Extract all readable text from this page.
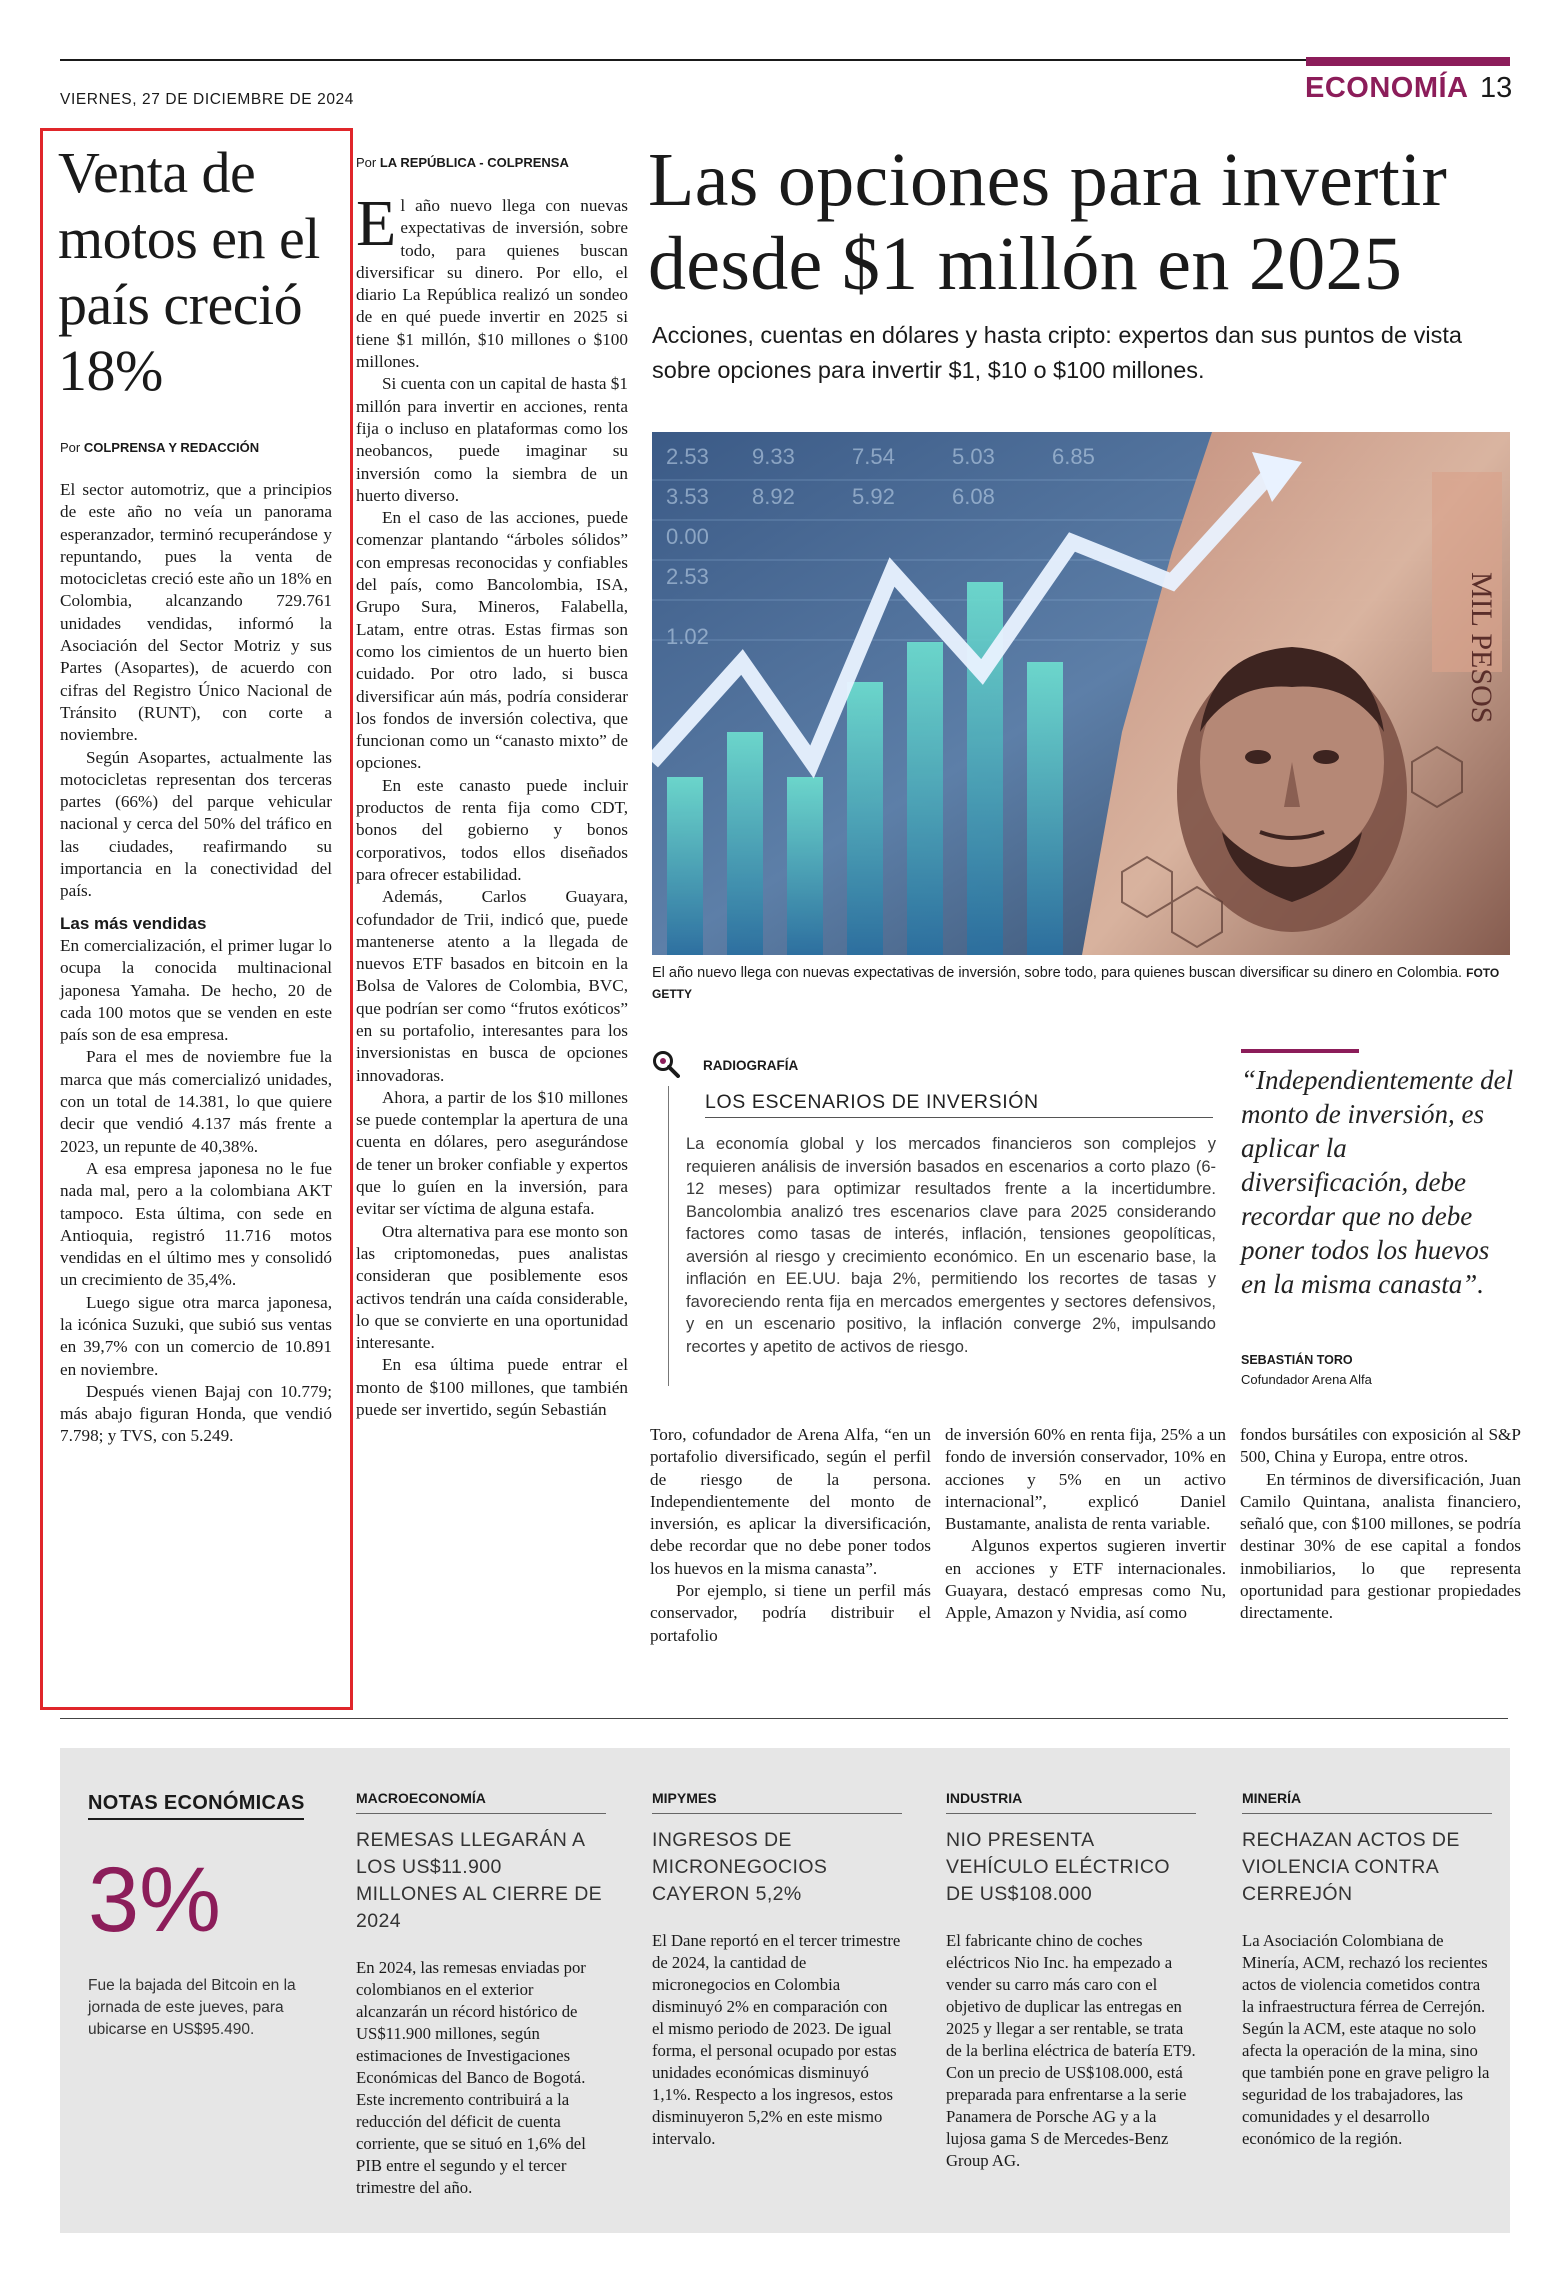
VIERNES, 27 DE DICIEMBRE DE 2024	ECONOMÍA 13
Venta de motos en el país creció 18%
Por COLPRENSA Y REDACCIÓN

El sector automotriz, que a principios de este año no veía un panorama esperanzador, terminó recuperándose y repuntando, pues la venta de motocicletas creció este año un 18% en Colombia, alcanzando 729.761 unidades vendidas, informó la Asociación del Sector Motriz y sus Partes (Asopartes), de acuerdo con cifras del Registro Único Nacional de Tránsito (RUNT), con corte a noviembre.

Según Asopartes, actualmente las motocicletas representan dos terceras partes (66%) del parque vehicular nacional y cerca del 50% del tráfico en las ciudades, reafirmando su importancia en la conectividad del país.

Las más vendidas

En comercialización, el primer lugar lo ocupa la conocida multinacional japonesa Yamaha. De hecho, 20 de cada 100 motos que se venden en este país son de esa empresa.

Para el mes de noviembre fue la marca que más comercializó unidades, con un total de 14.381, lo que quiere decir que vendió 4.137 más frente a 2023, un repunte de 40,38%.

A esa empresa japonesa no le fue nada mal, pero a la colombiana AKT tampoco. Esta última, con sede en Antioquia, registró 11.716 motos vendidas en el último mes y consolidó un crecimiento de 35,4%.

Luego sigue otra marca japonesa, la icónica Suzuki, que subió sus ventas en 39,7% con un comercio de 10.891 en noviembre.

Después vienen Bajaj con 10.779; más abajo figuran Honda, que vendió 7.798; y TVS, con 5.249.

Por LA REPÚBLICA - COLPRENSA

El año nuevo llega con nuevas expectativas de inversión, sobre todo, para quienes buscan diversificar su dinero. Por ello, el diario La República realizó un sondeo de en qué puede invertir en 2025 si tiene $1 millón, $10 millones o $100 millones.

Si cuenta con un capital de hasta $1 millón para invertir en acciones, renta fija o incluso en plataformas como los neobancos, puede imaginar su inversión como la siembra de un huerto diverso.

En el caso de las acciones, puede comenzar plantando “árboles sólidos” con empresas reconocidas y confiables del país, como Bancolombia, ISA, Grupo Sura, Mineros, Falabella, Latam, entre otras. Estas firmas son como los cimientos de un huerto bien cuidado. Por otro lado, si busca diversificar aún más, podría considerar los fondos de inversión colectiva, que funcionan como un “canasto mixto” de opciones.

En este canasto puede incluir productos de renta fija como CDT, bonos del gobierno y bonos corporativos, todos ellos diseñados para ofrecer estabilidad.

Además, Carlos Guayara, cofundador de Trii, indicó que, puede mantenerse atento a la llegada de nuevos ETF basados en bitcoin en la Bolsa de Valores de Colombia, BVC, que podrían ser como “frutos exóticos” en su portafolio, interesantes para los inversionistas en busca de opciones innovadoras.

Ahora, a partir de los $10 millones se puede contemplar la apertura de una cuenta en dólares, pero asegurándose de tener un broker confiable y expertos que lo guíen en la inversión, para evitar ser víctima de alguna estafa.

Otra alternativa para ese monto son las criptomonedas, pues analistas consideran que posiblemente esos activos tendrán una caída considerable, lo que se convierte en una oportunidad interesante.

En esa última puede entrar el monto de $100 millones, que también puede ser invertido, según Sebastián

Las opciones para invertir desde $1 millón en 2025
Acciones, cuentas en dólares y hasta cripto: expertos dan sus puntos de vista sobre opciones para invertir $1, $10 o $100 millones.
2.53 9.33	7.54	5.03	6.85
3.53 8.92	5.92	6.08
0.00
2.53
1.02	MIL PESOS
El año nuevo llega con nuevas expectativas de inversión, sobre todo, para quienes buscan diversificar su dinero en Colombia. FOTO GETTY
RADIOGRAFÍA
LOS ESCENARIOS DE INVERSIÓN
La economía global y los mercados financieros son complejos y requieren análisis de inversión basados en escenarios a corto plazo (6-12 meses) para optimizar resultados frente a la incertidumbre. Bancolombia analizó tres escenarios clave para 2025 considerando factores como tasas de interés, inflación, tensiones geopolíticas, aversión al riesgo y crecimiento económico. En un escenario base, la inflación en EE.UU. baja 2%, permitiendo los recortes de tasas y favoreciendo renta fija en mercados emergentes y sectores defensivos, y en un escenario positivo, la inflación converge 2%, impulsando recortes y apetito de activos de riesgo.
“Independientemente del monto de inversión, es aplicar la diversificación, debe recordar que no debe poner todos los huevos en la misma canasta”.
SEBASTIÁN TORO
Cofundador Arena Alfa

Toro, cofundador de Arena Alfa, “en un portafolio diversificado, según el perfil de riesgo de la persona. Independientemente del monto de inversión, es aplicar la diversificación, debe recordar que no debe poner todos los huevos en la misma canasta”.

Por ejemplo, si tiene un perfil más conservador, podría distribuir el portafolio

de inversión 60% en renta fija, 25% a un fondo de inversión conservador, 10% en acciones y 5% en un activo internacional”, explicó Daniel Bustamante, analista de renta variable.

Algunos expertos sugieren invertir en acciones y ETF internacionales. Guayara, destacó empresas como Nu, Apple, Amazon y Nvidia, así como

fondos bursátiles con exposición al S&P 500, China y Europa, entre otros.

En términos de diversificación, Juan Camilo Quintana, analista financiero, señaló que, con $100 millones, se podría destinar 30% de ese capital a fondos inmobiliarios, lo que representa oportunidad para gestionar propiedades directamente.

NOTAS ECONÓMICAS
3%
Fue la bajada del Bitcoin en la jornada de este jueves, para ubicarse en US$95.490.
MACROECONOMÍA
REMESAS LLEGARÁN A LOS US$11.900 MILLONES AL CIERRE DE 2024
En 2024, las remesas enviadas por colombianos en el exterior alcanzarán un récord histórico de US$11.900 millones, según estimaciones de Investigaciones Económicas del Banco de Bogotá. Este incremento contribuirá a la reducción del déficit de cuenta corriente, que se situó en 1,6% del PIB entre el segundo y el tercer trimestre del año.
MIPYMES
INGRESOS DE MICRONEGOCIOS CAYERON 5,2%
El Dane reportó en el tercer trimestre de 2024, la cantidad de micronegocios en Colombia disminuyó 2% en comparación con el mismo periodo de 2023. De igual forma, el personal ocupado por estas unidades económicas disminuyó 1,1%. Respecto a los ingresos, estos disminuyeron 5,2% en este mismo intervalo.
INDUSTRIA
NIO PRESENTA VEHÍCULO ELÉCTRICO DE US$108.000
El fabricante chino de coches eléctricos Nio Inc. ha empezado a vender su carro más caro con el objetivo de duplicar las entregas en 2025 y llegar a ser rentable, se trata de la berlina eléctrica de batería ET9. Con un precio de US$108.000, está preparada para enfrentarse a la serie Panamera de Porsche AG y a la lujosa gama S de Mercedes-Benz Group AG.
MINERÍA
RECHAZAN ACTOS DE VIOLENCIA CONTRA CERREJÓN
La Asociación Colombiana de Minería, ACM, rechazó los recientes actos de violencia cometidos contra la infraestructura férrea de Cerrejón. Según la ACM, este ataque no solo afecta la operación de la mina, sino que también pone en grave peligro la seguridad de los trabajadores, las comunidades y el desarrollo económico de la región.
